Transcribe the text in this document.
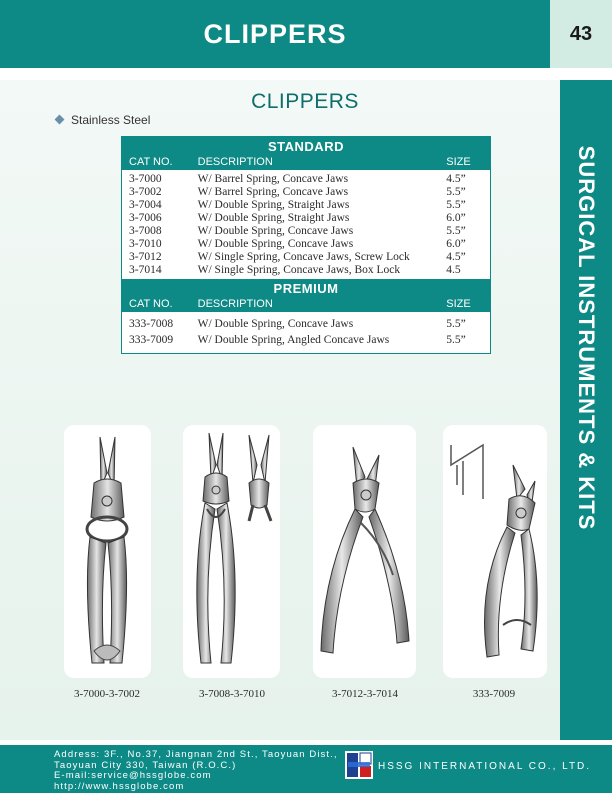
CLIPPERS	43
SURGICAL INSTRUMENTS & KITS
CLIPPERS
Stainless Steel
STANDARD
CAT NO.	DESCRIPTION	SIZE
3-7000	W/ Barrel Spring, Concave Jaws	4.5”
3-7002	W/ Barrel Spring, Concave Jaws	5.5”
3-7004	W/ Double Spring, Straight Jaws	5.5”
3-7006	W/ Double Spring, Straight Jaws	6.0”
3-7008	W/ Double Spring, Concave Jaws	5.5”
3-7010	W/ Double Spring, Concave Jaws	6.0”
3-7012	W/ Single Spring, Concave Jaws, Screw Lock	4.5”
3-7014	W/ Single Spring, Concave Jaws, Box Lock	4.5
PREMIUM
CAT NO.	DESCRIPTION	SIZE
333-7008	W/ Double Spring, Concave Jaws	5.5”
333-7009	W/ Double Spring, Angled Concave Jaws	5.5”
3-7000-3-7002	3-7008-3-7010	3-7012-3-7014	333-7009
Address: 3F., No.37, Jiangnan 2nd St., Taoyuan Dist.,
Taoyuan City 330, Taiwan (R.O.C.)
E-mail:service@hssglobe.com
http://www.hssglobe.com
HSSG INTERNATIONAL CO., LTD.
